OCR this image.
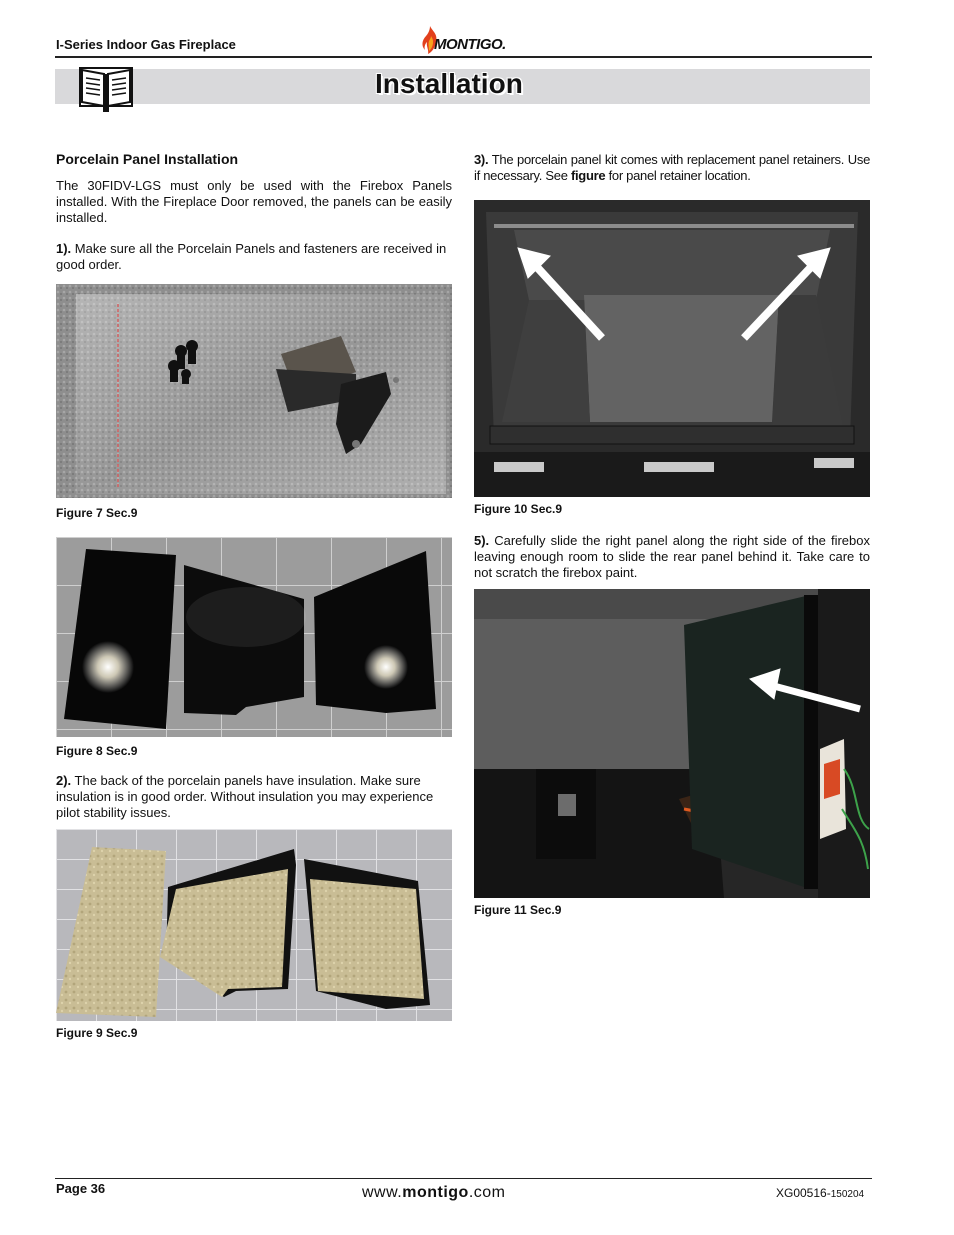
I-Series Indoor Gas Fireplace	MONTIGO.
Installation
Porcelain Panel Installation
The 30FIDV-LGS must only be used with the Firebox Panels installed. With the Fireplace Door removed, the panels can be easily installed.
1). Make sure all the Porcelain Panels and fasteners are received in good order.
Figure 7 Sec.9
Figure 8 Sec.9
2). The back of the porcelain panels have insulation. Make sure insulation is in good order. Without insulation you may experience pilot stability issues.
Figure 9 Sec.9
3). The porcelain panel kit comes with replacement panel retainers. Use if necessary. See figure for panel retainer location.
Figure 10 Sec.9
5). Carefully slide the right panel along the right side of the firebox leaving enough room to slide the rear panel behind it. Take care to not scratch the firebox paint.
Figure 11 Sec.9
Page 36	www.montigo.com	XG00516-150204
